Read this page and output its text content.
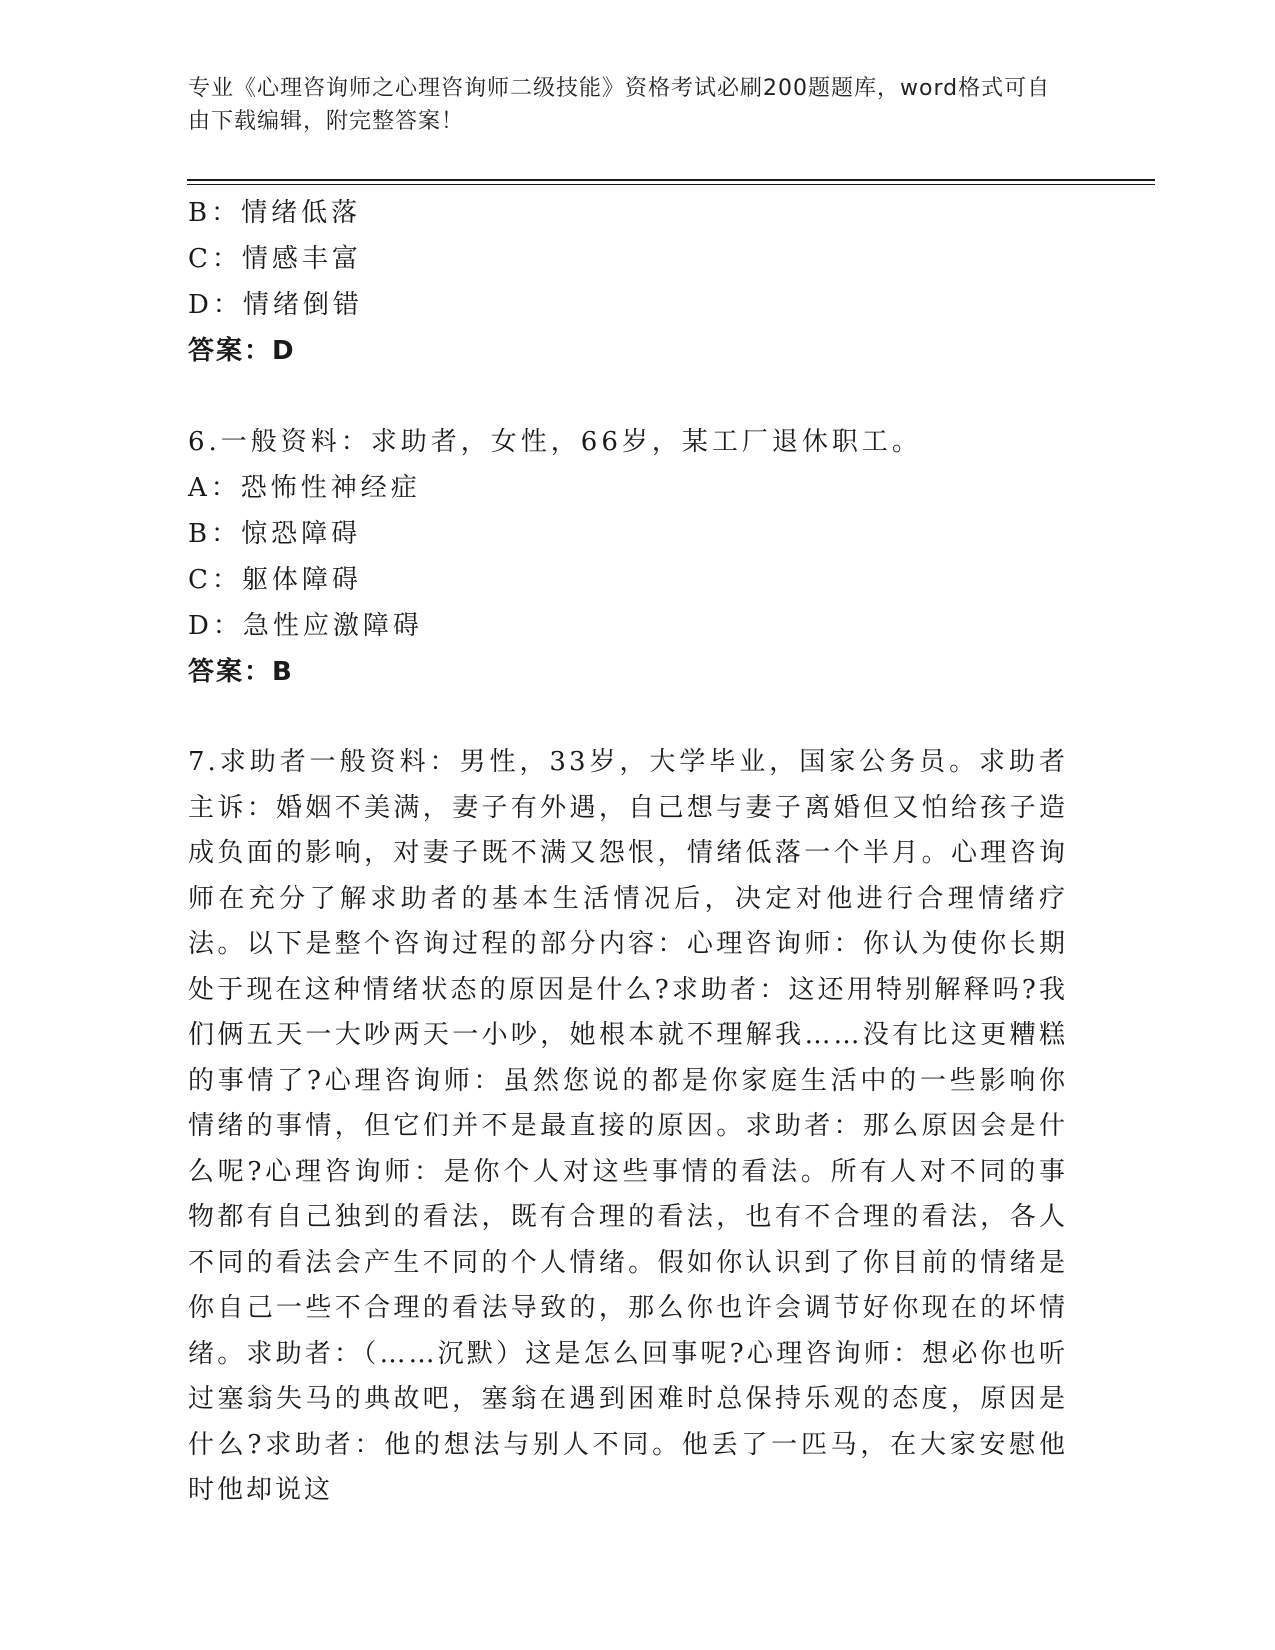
专业《心理咨询师之心理咨询师二级技能》资格考试必刷200题题库，word格式可自由下载编辑，附完整答案！
B：情绪低落
C：情感丰富
D：情绪倒错
答案：D
6.一般资料：求助者，女性，66岁，某工厂退休职工。
A：恐怖性神经症
B：惊恐障碍
C：躯体障碍
D：急性应激障碍
答案：B
7.求助者一般资料：男性，33岁，大学毕业，国家公务员。求助者主诉：婚姻不美满，妻子有外遇，自己想与妻子离婚但又怕给孩子造成负面的影响，对妻子既不满又怨恨，情绪低落一个半月。心理咨询师在充分了解求助者的基本生活情况后，决定对他进行合理情绪疗法。以下是整个咨询过程的部分内容：心理咨询师：你认为使你长期处于现在这种情绪状态的原因是什么?求助者：这还用特别解释吗?我们俩五天一大吵两天一小吵，她根本就不理解我……没有比这更糟糕的事情了?心理咨询师：虽然您说的都是你家庭生活中的一些影响你情绪的事情，但它们并不是最直接的原因。求助者：那么原因会是什么呢?心理咨询师：是你个人对这些事情的看法。所有人对不同的事物都有自己独到的看法，既有合理的看法，也有不合理的看法，各人不同的看法会产生不同的个人情绪。假如你认识到了你目前的情绪是你自己一些不合理的看法导致的，那么你也许会调节好你现在的坏情绪。求助者：（……沉默）这是怎么回事呢?心理咨询师：想必你也听过塞翁失马的典故吧，塞翁在遇到困难时总保持乐观的态度，原因是什么?求助者：他的想法与别人不同。他丢了一匹马，在大家安慰他时他却说这
